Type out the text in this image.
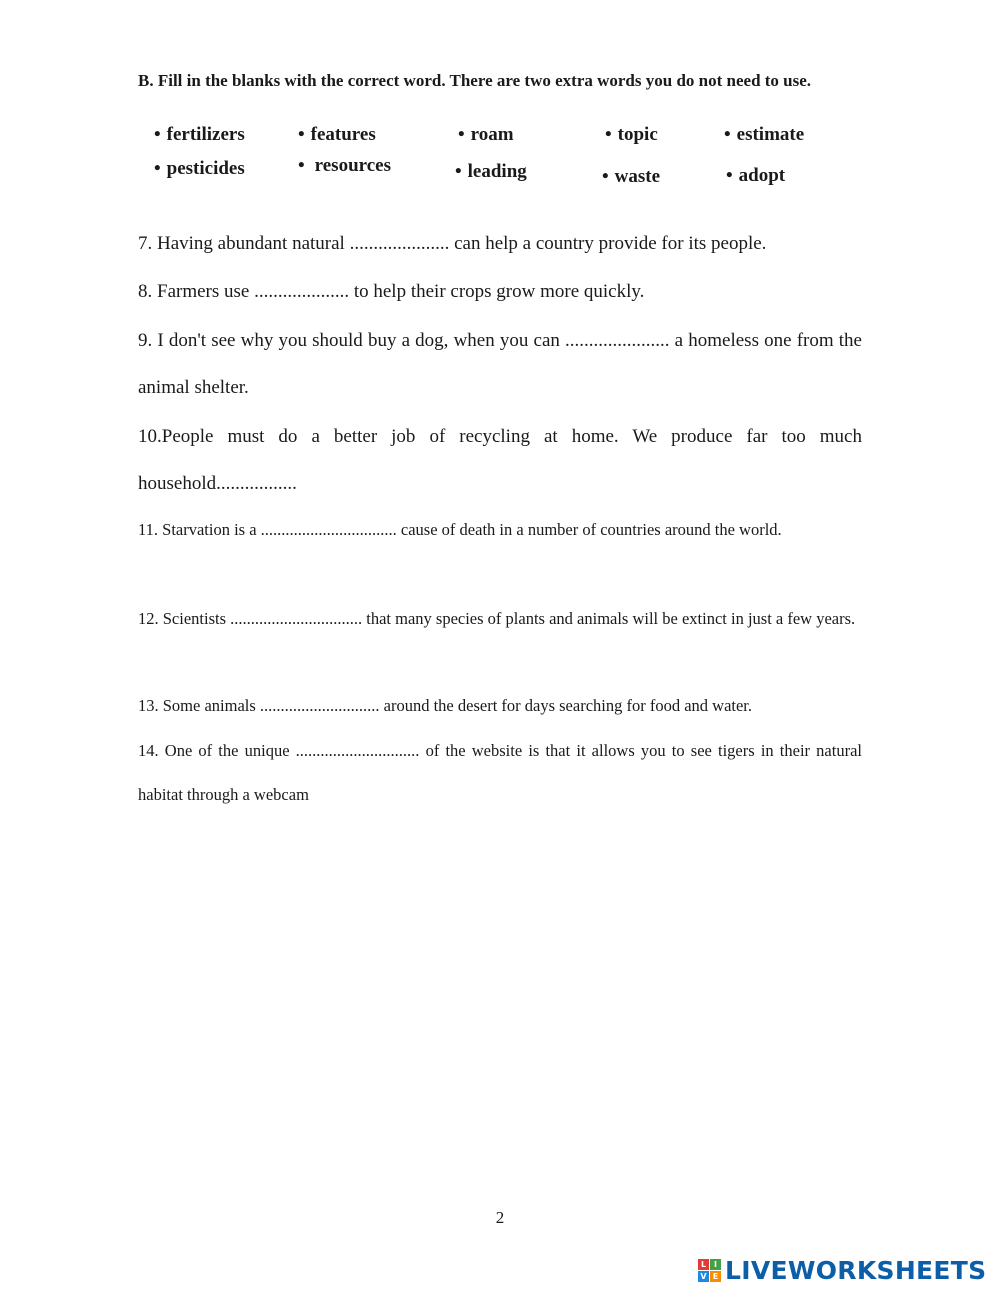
B. Fill in the blanks with the correct word. There are two extra words you do not need to use.

• fertilizers	• features	• roam	• topic	• estimate
• pesticides	• resources	• leading	• waste	• adopt

7. Having abundant natural ..................... can help a country provide for its people.

8. Farmers use .................... to help their crops grow more quickly.

9. I don't see why you should buy a dog, when you can ...................... a homeless one from the animal shelter.

10.People must do a better job of recycling at home. We produce far too much household.................

11. Starvation is a ................................. cause of death in a number of countries around the world.

12. Scientists ................................ that many species of plants and animals will be extinct in just a few years.

13. Some animals ............................. around the desert for days searching for food and water.

14. One of the unique .............................. of the website is that it allows you to see tigers in their natural habitat through a webcam

2
L I
V E LIVEWORKSHEETS
